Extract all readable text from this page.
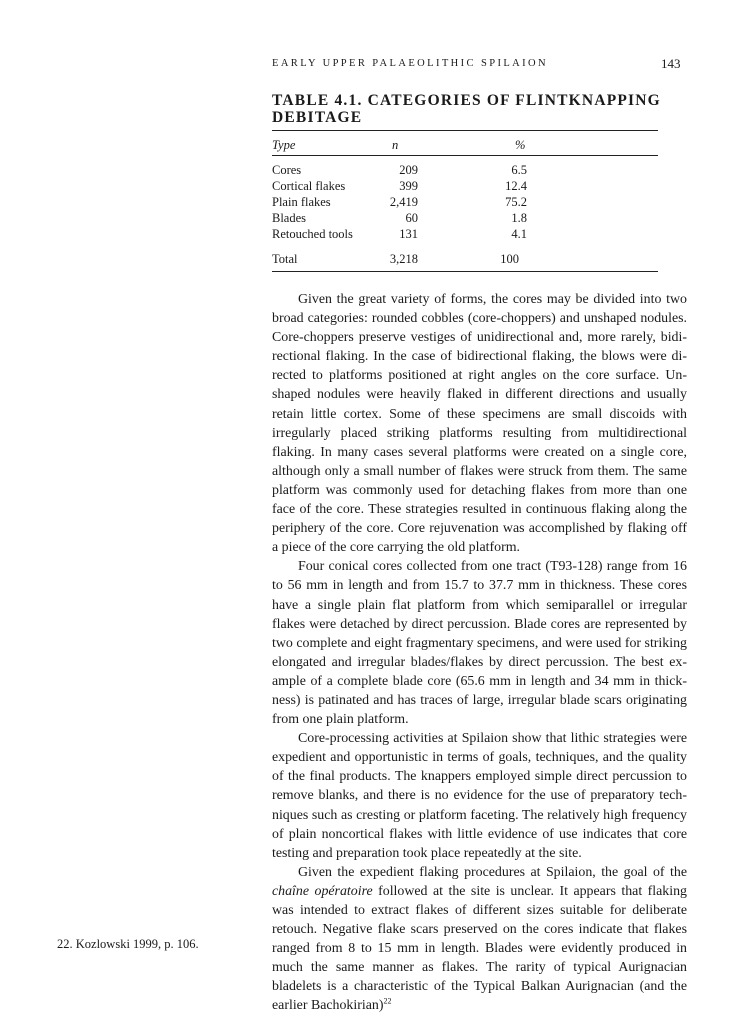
EARLY UPPER PALAEOLITHIC SPILAION	143
TABLE 4.1. CATEGORIES OF FLINTKNAPPING DEBITAGE
Type	n	%
Cores	209	6.5
Cortical flakes	399	12.4
Plain flakes	2,419	75.2
Blades	60	1.8
Retouched tools	131	4.1
Total	3,218	100

Given the great variety of forms, the cores may be divided into two broad categories: rounded cobbles (core-choppers) and unshaped nodules. Core-choppers preserve vestiges of unidirectional and, more rarely, bidirectional flaking. In the case of bidirectional flaking, the blows were directed to platforms positioned at right angles on the core surface. Unshaped nodules were heavily flaked in different directions and usually retain little cortex. Some of these specimens are small discoids with irregularly placed striking platforms resulting from multidirectional flaking. In many cases several platforms were created on a single core, although only a small number of flakes were struck from them. The same platform was commonly used for detaching flakes from more than one face of the core. These strategies resulted in continuous flaking along the periphery of the core. Core rejuvenation was accomplished by flaking off a piece of the core carrying the old platform.

Four conical cores collected from one tract (T93-128) range from 16 to 56 mm in length and from 15.7 to 37.7 mm in thickness. These cores have a single plain flat platform from which semiparallel or irregular flakes were detached by direct percussion. Blade cores are represented by two complete and eight fragmentary specimens, and were used for striking elongated and irregular blades/flakes by direct percussion. The best example of a complete blade core (65.6 mm in length and 34 mm in thickness) is patinated and has traces of large, irregular blade scars originating from one plain platform.

Core-processing activities at Spilaion show that lithic strategies were expedient and opportunistic in terms of goals, techniques, and the quality of the final products. The knappers employed simple direct percussion to remove blanks, and there is no evidence for the use of preparatory techniques such as cresting or platform faceting. The relatively high frequency of plain noncortical flakes with little evidence of use indicates that core testing and preparation took place repeatedly at the site.

Given the expedient flaking procedures at Spilaion, the goal of the chaîne opératoire followed at the site is unclear. It appears that flaking was intended to extract flakes of different sizes suitable for deliberate retouch. Negative flake scars preserved on the cores indicate that flakes ranged from 8 to 15 mm in length. Blades were evidently produced in much the same manner as flakes. The rarity of typical Aurignacian bladelets is a characteristic of the Typical Balkan Aurignacian (and the earlier Bachokirian)$^{22}$

22. Kozlowski 1999, p. 106.
